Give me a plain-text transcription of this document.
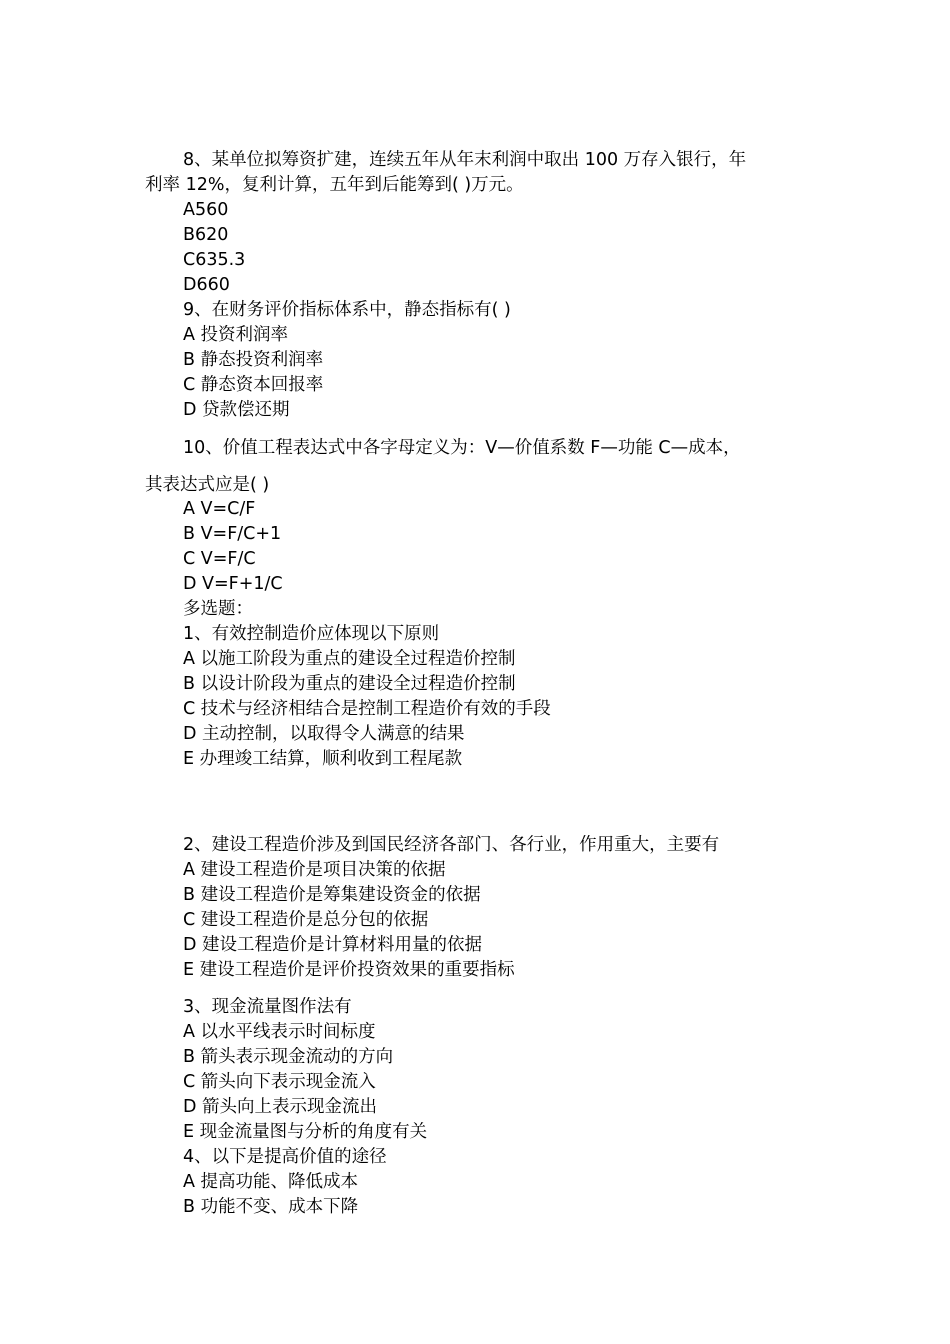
8、某单位拟筹资扩建，连续五年从年末利润中取出 100 万存入银行，年
利率 12%，复利计算，五年到后能筹到( )万元。
A560
B620
C635.3
D660
9、在财务评价指标体系中，静态指标有( )
A 投资利润率
B 静态投资利润率
C 静态资本回报率
D 贷款偿还期
10、价值工程表达式中各字母定义为：V—价值系数 F—功能 C—成本，
其表达式应是( )
A V=C/F
B V=F/C+1
C V=F/C
D V=F+1/C
多选题：
1、有效控制造价应体现以下原则
A 以施工阶段为重点的建设全过程造价控制
B 以设计阶段为重点的建设全过程造价控制
C 技术与经济相结合是控制工程造价有效的手段
D 主动控制，以取得令人满意的结果
E 办理竣工结算，顺利收到工程尾款
2、建设工程造价涉及到国民经济各部门、各行业，作用重大，主要有
A 建设工程造价是项目决策的依据
B 建设工程造价是筹集建设资金的依据
C 建设工程造价是总分包的依据
D 建设工程造价是计算材料用量的依据
E 建设工程造价是评价投资效果的重要指标
3、现金流量图作法有
A 以水平线表示时间标度
B 箭头表示现金流动的方向
C 箭头向下表示现金流入
D 箭头向上表示现金流出
E 现金流量图与分析的角度有关
4、以下是提高价值的途径
A 提高功能、降低成本
B 功能不变、成本下降
